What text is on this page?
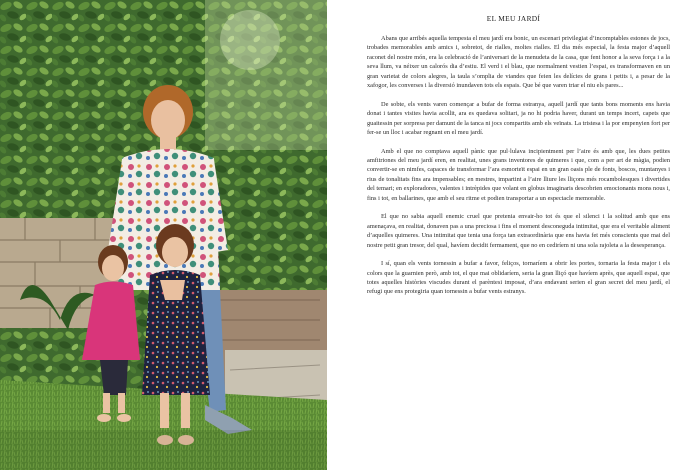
EL MEU JARDÍ

Abans que arribés aquella tempesta el meu jardí era bonic, un escenari privilegiat d’incomptables estones de jocs, trobades memorables amb amics i, sobretot, de rialles, moltes rialles. El dia més especial, la festa major d’aquell raconet del nostre món, era la celebració de l’aniversari de la menudeta de la casa, que fent honor a la seva força i a la seva llum, va néixer un calorós dia d’estiu. El verd i el blau, que normalment vestien l’espai, es transformaven en un gran varietat de colors alegres, la taula s’omplia de viandes que feien les delícies de grans i petits i, a pesar de la xafogor, les converses i la diversió inundaven tots els espais. Que bé que varen triar el niu els pares...

De sobte, els vents varen començar a bufar de forma estranya, aquell jardí que tants bons moments ens havia donat i tantes visites havia acollit, ara es quedava solitari, ja no hi podria haver, durant un temps incert, capets que guaitessin per sorpresa per damunt de la tanca ni jocs compartits amb els veïnats. La tristesa i la por empenyien fort per fer-se un lloc i acabar regnant en el meu jardí.

Amb el que no comptava aquell pànic que pul·lulava incipientment per l’aire és amb que, les dues petites amfitriones del meu jardí eren, en realitat, unes grans inventores de quimeres i que, com a per art de màgia, podien convertir-se en nimfes, capaces de transformar l’ara esmorteït espai en un gran oasis ple de fonts, boscos, muntanyes i rius de tonalitats fins ara impensables; en mestres, impartint a l’aire lliure les lliçons més rocambolesques i divertides del temari; en exploradores, valentes i intrèpides que volant en globus imaginaris descobrien emocionants mons nous i, fins i tot, en ballarines, que amb el seu ritme et podien transportar a un espectacle memorable.

El que no sabia aquell enemic cruel que pretenia envair-ho tot és que el silenci i la solitud amb que ens amenaçava, en realitat, donaven pas a una preciosa i fins el moment desconeguda intimitat, que era el veritable aliment d’aquelles quimeres. Una intimitat que tenia una força tan extraordinària que ens havia fet més conscients que mai del nostre petit gran tresor, del qual, havíem decidit fermament, que no en cediríem ni una sola rajoleta a la desesperança.

I sí, quan els vents tornessin a bufar a favor, feliços, tornaríem a obrir les portes, tornaria la festa major i els colors que la guarnien però, amb tot, el que mai oblidaríem, seria la gran lliçó que havíem après, que aquell espai, que totes aquelles històries viscudes durant el parèntesi imposat, d’ara endavant serien el gran secret del meu jardí, el refugi que ens protegiria quan tornessin a bufar vents estranys.
